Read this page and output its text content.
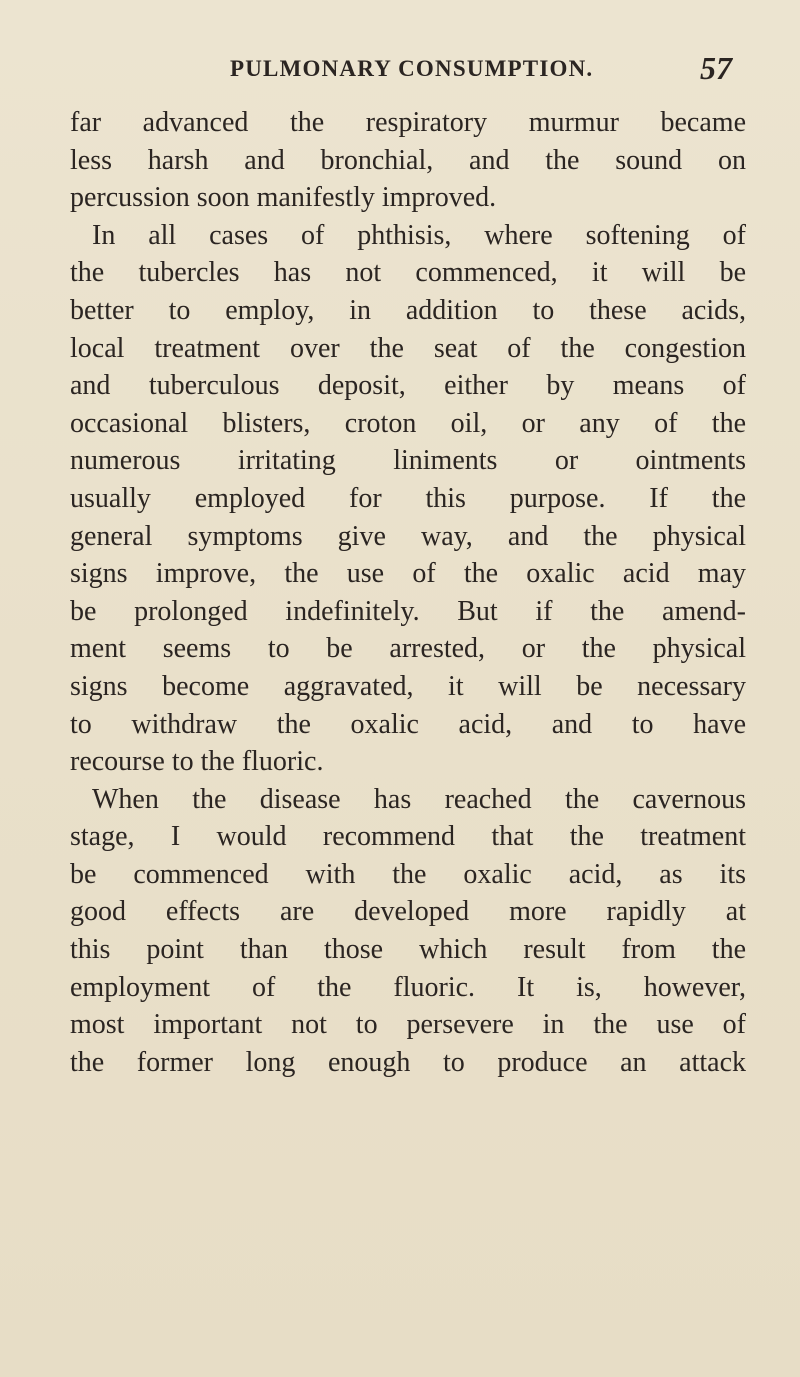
PULMONARY CONSUMPTION.	57
far advanced the respiratory murmur became
less harsh and bronchial, and the sound on
percussion soon manifestly improved.
In all cases of phthisis, where softening of
the tubercles has not commenced, it will be
better to employ, in addition to these acids,
local treatment over the seat of the congestion
and tuberculous deposit, either by means of
occasional blisters, croton oil, or any of the
numerous irritating liniments or ointments
usually employed for this purpose. If the
general symptoms give way, and the physical
signs improve, the use of the oxalic acid may
be prolonged indefinitely. But if the amend-
ment seems to be arrested, or the physical
signs become aggravated, it will be necessary
to withdraw the oxalic acid, and to have
recourse to the fluoric.
When the disease has reached the cavernous
stage, I would recommend that the treatment
be commenced with the oxalic acid, as its
good effects are developed more rapidly at
this point than those which result from the
employment of the fluoric. It is, however,
most important not to persevere in the use of
the former long enough to produce an attack
